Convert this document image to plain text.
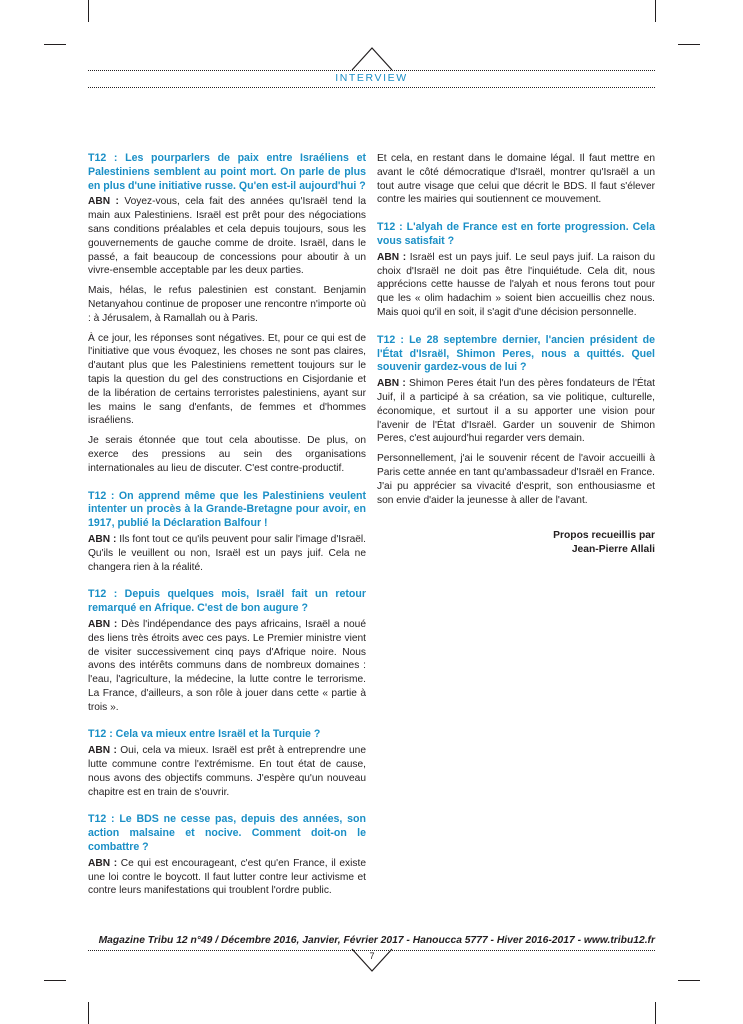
INTERVIEW

T12 : Les pourparlers de paix entre Israéliens et Palestiniens semblent au point mort. On parle de plus en plus d'une initiative russe. Qu'en est-il aujourd'hui ?

ABN : Voyez-vous, cela fait des années qu'Israël tend la main aux Palestiniens. Israël est prêt pour des négociations sans conditions préalables et cela depuis toujours, sous les gouvernements de gauche comme de droite. Israël, dans le passé, a fait beaucoup de concessions pour aboutir à un vivre-ensemble acceptable par les deux parties.

Mais, hélas, le refus palestinien est constant. Benjamin Netanyahou continue de proposer une rencontre n'importe où : à Jérusalem, à Ramallah ou à Paris.

À ce jour, les réponses sont négatives. Et, pour ce qui est de l'initiative que vous évoquez, les choses ne sont pas claires, d'autant plus que les Palestiniens remettent toujours sur le tapis la question du gel des constructions en Cisjordanie et de la libération de certains terroristes palestiniens, ayant sur les mains le sang d'enfants, de femmes et d'hommes israéliens.

Je serais étonnée que tout cela aboutisse. De plus, on exerce des pressions au sein des organisations internationales au lieu de discuter. C'est contre-productif.

T12 : On apprend même que les Palestiniens veulent intenter un procès à la Grande-Bretagne pour avoir, en 1917, publié la Déclaration Balfour !

ABN : Ils font tout ce qu'ils peuvent pour salir l'image d'Israël. Qu'ils le veuillent ou non, Israël est un pays juif. Cela ne changera rien à la réalité.

T12 : Depuis quelques mois, Israël fait un retour remarqué en Afrique. C'est de bon augure ?

ABN : Dès l'indépendance des pays africains, Israël a noué des liens très étroits avec ces pays. Le Premier ministre vient de visiter successivement cinq pays d'Afrique noire. Nous avons des intérêts communs dans de nombreux domaines : l'eau, l'agriculture, la médecine, la lutte contre le terrorisme. La France, d'ailleurs, a son rôle à jouer dans cette « partie à trois ».

T12 : Cela va mieux entre Israël et la Turquie ?

ABN : Oui, cela va mieux. Israël est prêt à entreprendre une lutte commune contre l'extrémisme. En tout état de cause, nous avons des objectifs communs. J'espère qu'un nouveau chapitre est en train de s'ouvrir.

T12 : Le BDS ne cesse pas, depuis des années, son action malsaine et nocive. Comment doit-on le combattre ?

ABN : Ce qui est encourageant, c'est qu'en France, il existe une loi contre le boycott. Il faut lutter contre leur activisme et contre leurs manifestations qui troublent l'ordre public.

Et cela, en restant dans le domaine légal. Il faut mettre en avant le côté démocratique d'Israël, montrer qu'Israël a un tout autre visage que celui que décrit le BDS. Il faut s'élever contre les mairies qui soutiennent ce mouvement.

T12 : L'alyah de France est en forte progression. Cela vous satisfait ?

ABN : Israël est un pays juif. Le seul pays juif. La raison du choix d'Israël ne doit pas être l'inquiétude. Cela dit, nous apprécions cette hausse de l'alyah et nous ferons tout pour que les « olim hadachim » soient bien accueillis chez nous. Mais quoi qu'il en soit, il s'agit d'une décision personnelle.

T12 : Le 28 septembre dernier, l'ancien président de l'État d'Israël, Shimon Peres, nous a quittés. Quel souvenir gardez-vous de lui ?

ABN : Shimon Peres était l'un des pères fondateurs de l'État Juif, il a participé à sa création, sa vie politique, culturelle, économique, et surtout il a su apporter une vision pour l'avenir de l'État d'Israël. Garder un souvenir de Shimon Peres, c'est aujourd'hui regarder vers demain.

Personnellement, j'ai le souvenir récent de l'avoir accueilli à Paris cette année en tant qu'ambassadeur d'Israël en France. J'ai pu apprécier sa vivacité d'esprit, son enthousiasme et son envie d'aider la jeunesse à aller de l'avant.

Propos recueillis par
Jean-Pierre Allali
Magazine Tribu 12 n°49 / Décembre 2016, Janvier, Février 2017 - Hanoucca 5777 - Hiver 2016-2017 - www.tribu12.fr
7
